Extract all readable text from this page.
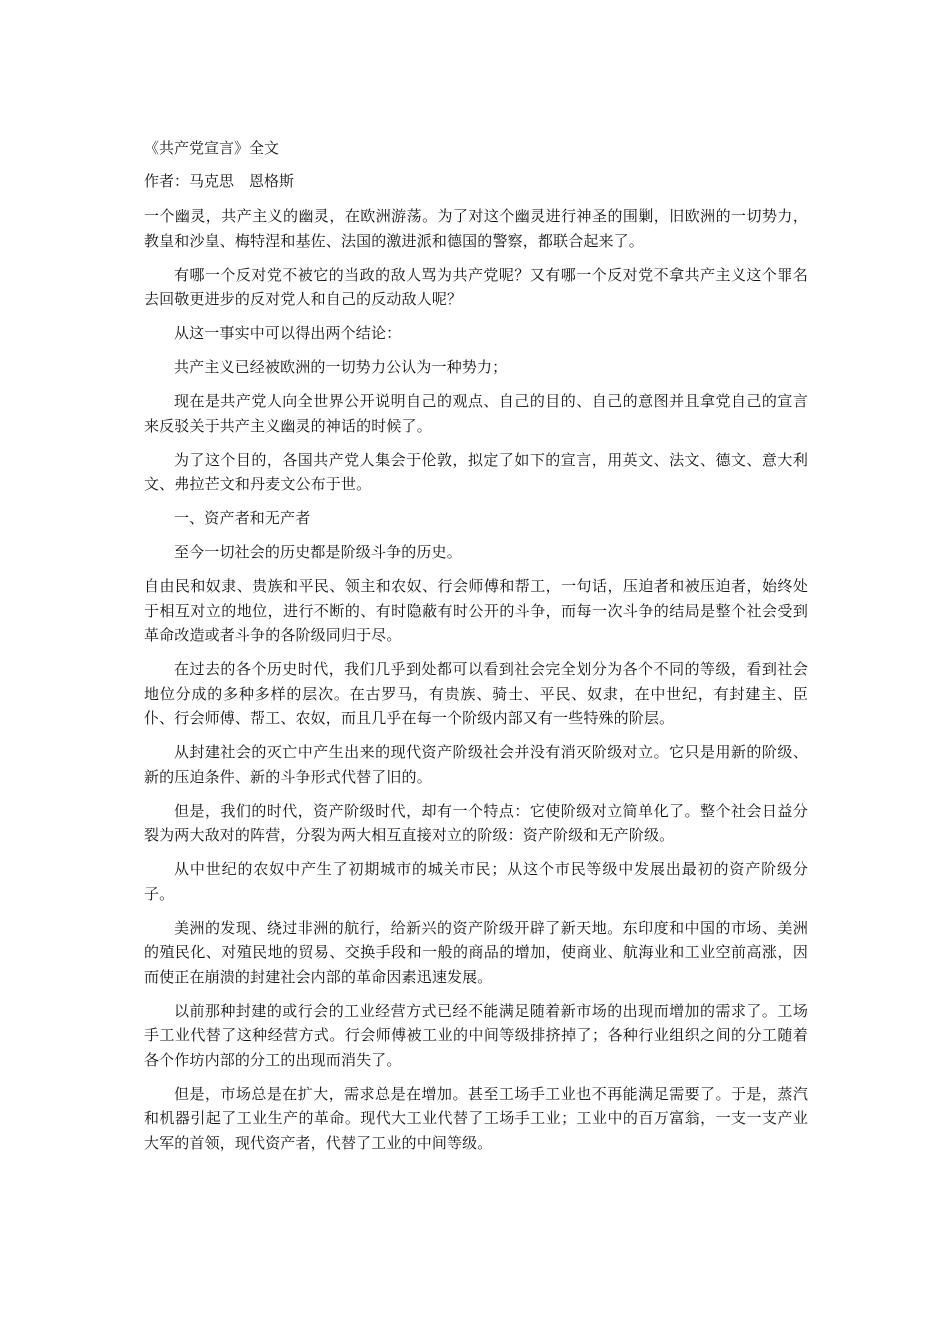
《共产党宣言》全文
作者：马克思　恩格斯

一个幽灵，共产主义的幽灵，在欧洲游荡。为了对这个幽灵进行神圣的围剿，旧欧洲的一切势力，教皇和沙皇、梅特涅和基佐、法国的激进派和德国的警察，都联合起来了。

有哪一个反对党不被它的当政的敌人骂为共产党呢？又有哪一个反对党不拿共产主义这个罪名去回敬更进步的反对党人和自己的反动敌人呢？

从这一事实中可以得出两个结论：

共产主义已经被欧洲的一切势力公认为一种势力；

现在是共产党人向全世界公开说明自己的观点、自己的目的、自己的意图并且拿党自己的宣言来反驳关于共产主义幽灵的神话的时候了。

为了这个目的，各国共产党人集会于伦敦，拟定了如下的宣言，用英文、法文、德文、意大利文、弗拉芒文和丹麦文公布于世。

一、资产者和无产者

至今一切社会的历史都是阶级斗争的历史。

自由民和奴隶、贵族和平民、领主和农奴、行会师傅和帮工，一句话，压迫者和被压迫者，始终处于相互对立的地位，进行不断的、有时隐蔽有时公开的斗争，而每一次斗争的结局是整个社会受到革命改造或者斗争的各阶级同归于尽。

在过去的各个历史时代，我们几乎到处都可以看到社会完全划分为各个不同的等级，看到社会地位分成的多种多样的层次。在古罗马，有贵族、骑士、平民、奴隶，在中世纪，有封建主、臣仆、行会师傅、帮工、农奴，而且几乎在每一个阶级内部又有一些特殊的阶层。

从封建社会的灭亡中产生出来的现代资产阶级社会并没有消灭阶级对立。它只是用新的阶级、新的压迫条件、新的斗争形式代替了旧的。

但是，我们的时代，资产阶级时代，却有一个特点：它使阶级对立简单化了。整个社会日益分裂为两大敌对的阵营，分裂为两大相互直接对立的阶级：资产阶级和无产阶级。

从中世纪的农奴中产生了初期城市的城关市民；从这个市民等级中发展出最初的资产阶级分子。

美洲的发现、绕过非洲的航行，给新兴的资产阶级开辟了新天地。东印度和中国的市场、美洲的殖民化、对殖民地的贸易、交换手段和一般的商品的增加，使商业、航海业和工业空前高涨，因而使正在崩溃的封建社会内部的革命因素迅速发展。

以前那种封建的或行会的工业经营方式已经不能满足随着新市场的出现而增加的需求了。工场手工业代替了这种经营方式。行会师傅被工业的中间等级排挤掉了；各种行业组织之间的分工随着各个作坊内部的分工的出现而消失了。

但是，市场总是在扩大，需求总是在增加。甚至工场手工业也不再能满足需要了。于是，蒸汽和机器引起了工业生产的革命。现代大工业代替了工场手工业；工业中的百万富翁，一支一支产业大军的首领，现代资产者，代替了工业的中间等级。
